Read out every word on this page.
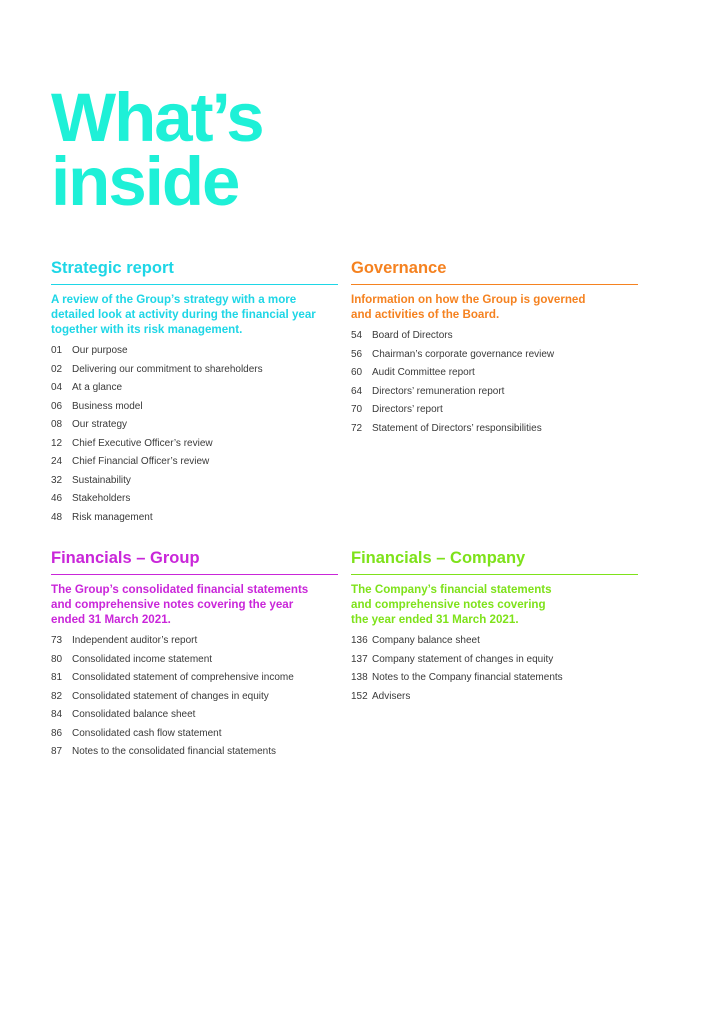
What’s
inside
Strategic report

A review of the Group’s strategy with a more detailed look at activity during the financial year together with its risk management.

01 Our purpose
02 Delivering our commitment to shareholders
04 At a glance
06 Business model
08 Our strategy
12 Chief Executive Officer’s review
24 Chief Financial Officer’s review
32 Sustainability
46 Stakeholders
48 Risk management
Governance

Information on how the Group is governed and activities of the Board.

54 Board of Directors
56 Chairman’s corporate governance review
60 Audit Committee report
64 Directors’ remuneration report
70 Directors’ report
72 Statement of Directors’ responsibilities
Financials – Group

The Group’s consolidated financial statements and comprehensive notes covering the year ended 31 March 2021.

73 Independent auditor’s report
80 Consolidated income statement
81 Consolidated statement of comprehensive income
82 Consolidated statement of changes in equity
84 Consolidated balance sheet
86 Consolidated cash flow statement
87 Notes to the consolidated financial statements
Financials – Company

The Company’s financial statements and comprehensive notes covering the year ended 31 March 2021.

136 Company balance sheet
137 Company statement of changes in equity
138 Notes to the Company financial statements
152 Advisers
